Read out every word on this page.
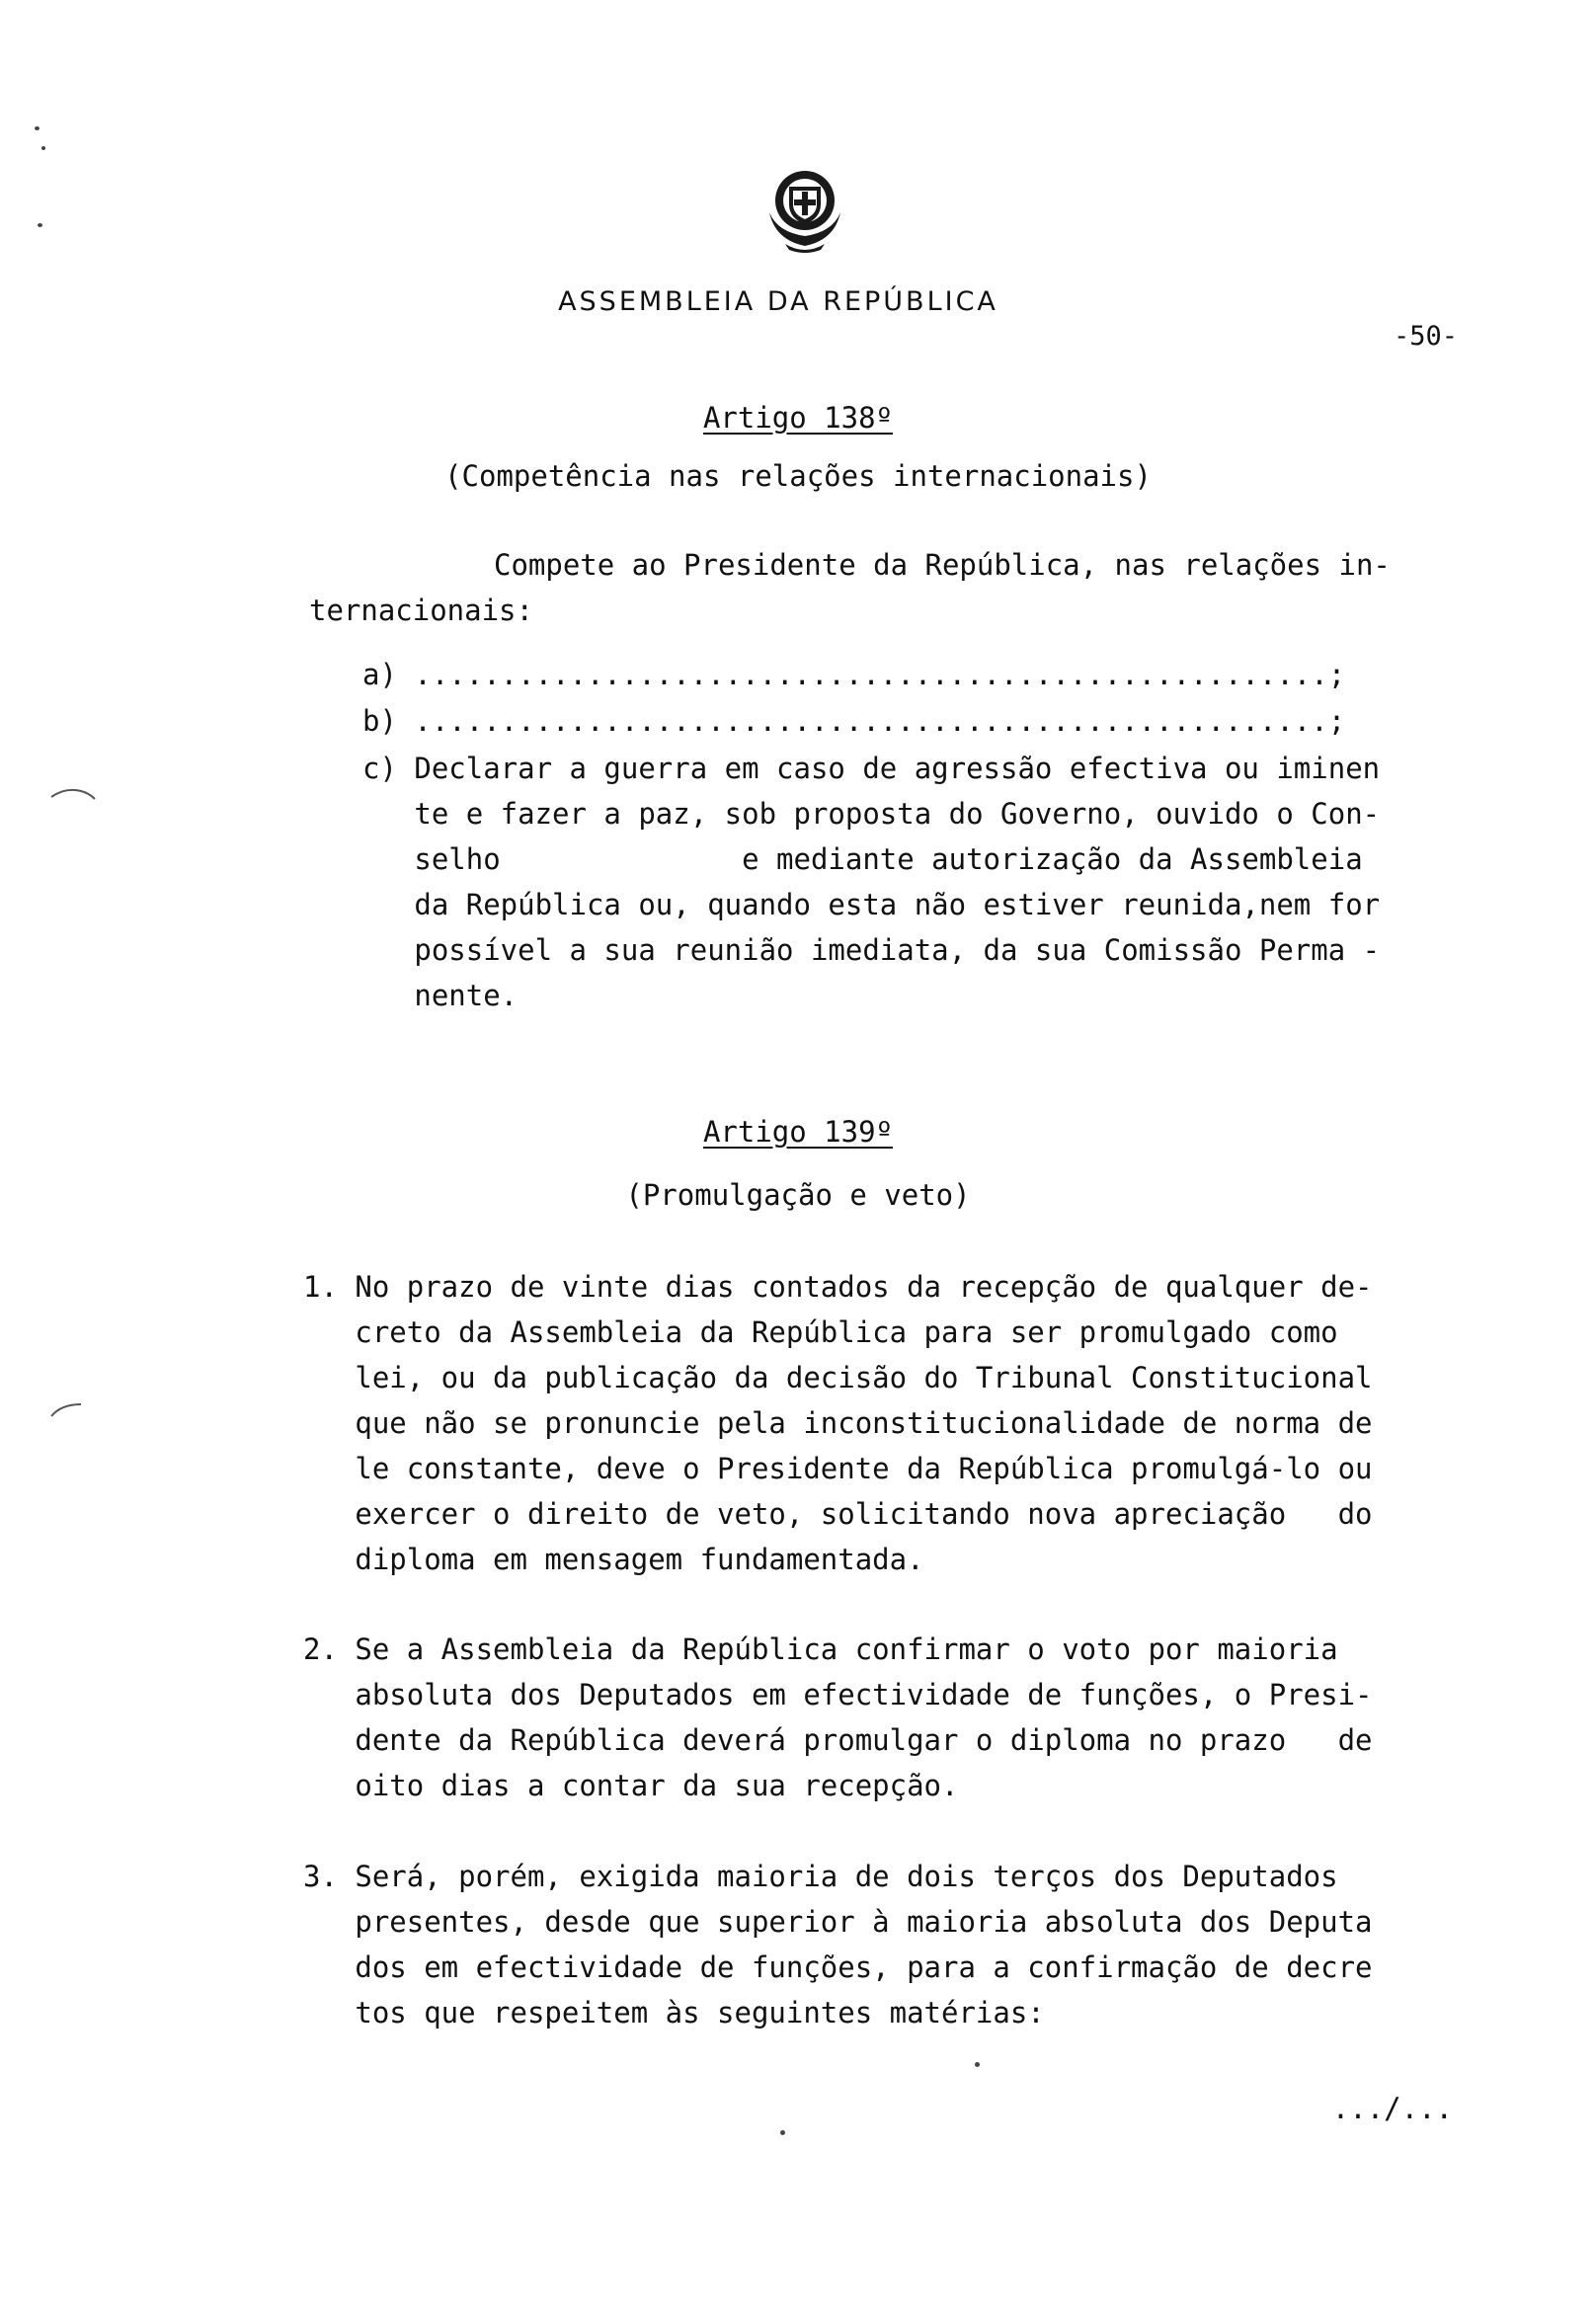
ASSEMBLEIA DA REPÚBLICA
-50-
Artigo 138º
(Competência nas relações internacionais)
Compete ao Presidente da República, nas relações in-
ternacionais:
a) .....................................................;
b) .....................................................;
c) Declarar a guerra em caso de agressão efectiva ou iminen
te e fazer a paz, sob proposta do Governo, ouvido o Con-
selho              e mediante autorização da Assembleia
da República ou, quando esta não estiver reunida,nem for
possível a sua reunião imediata, da sua Comissão Perma -
nente.
Artigo 139º
(Promulgação e veto)
1. No prazo de vinte dias contados da recepção de qualquer de-
creto da Assembleia da República para ser promulgado como
lei, ou da publicação da decisão do Tribunal Constitucional
que não se pronuncie pela inconstitucionalidade de norma de
le constante, deve o Presidente da República promulgá-lo ou
exercer o direito de veto, solicitando nova apreciação   do
diploma em mensagem fundamentada.
2. Se a Assembleia da República confirmar o voto por maioria
absoluta dos Deputados em efectividade de funções, o Presi-
dente da República deverá promulgar o diploma no prazo   de
oito dias a contar da sua recepção.
3. Será, porém, exigida maioria de dois terços dos Deputados
presentes, desde que superior à maioria absoluta dos Deputa
dos em efectividade de funções, para a confirmação de decre
tos que respeitem às seguintes matérias:
.../...
